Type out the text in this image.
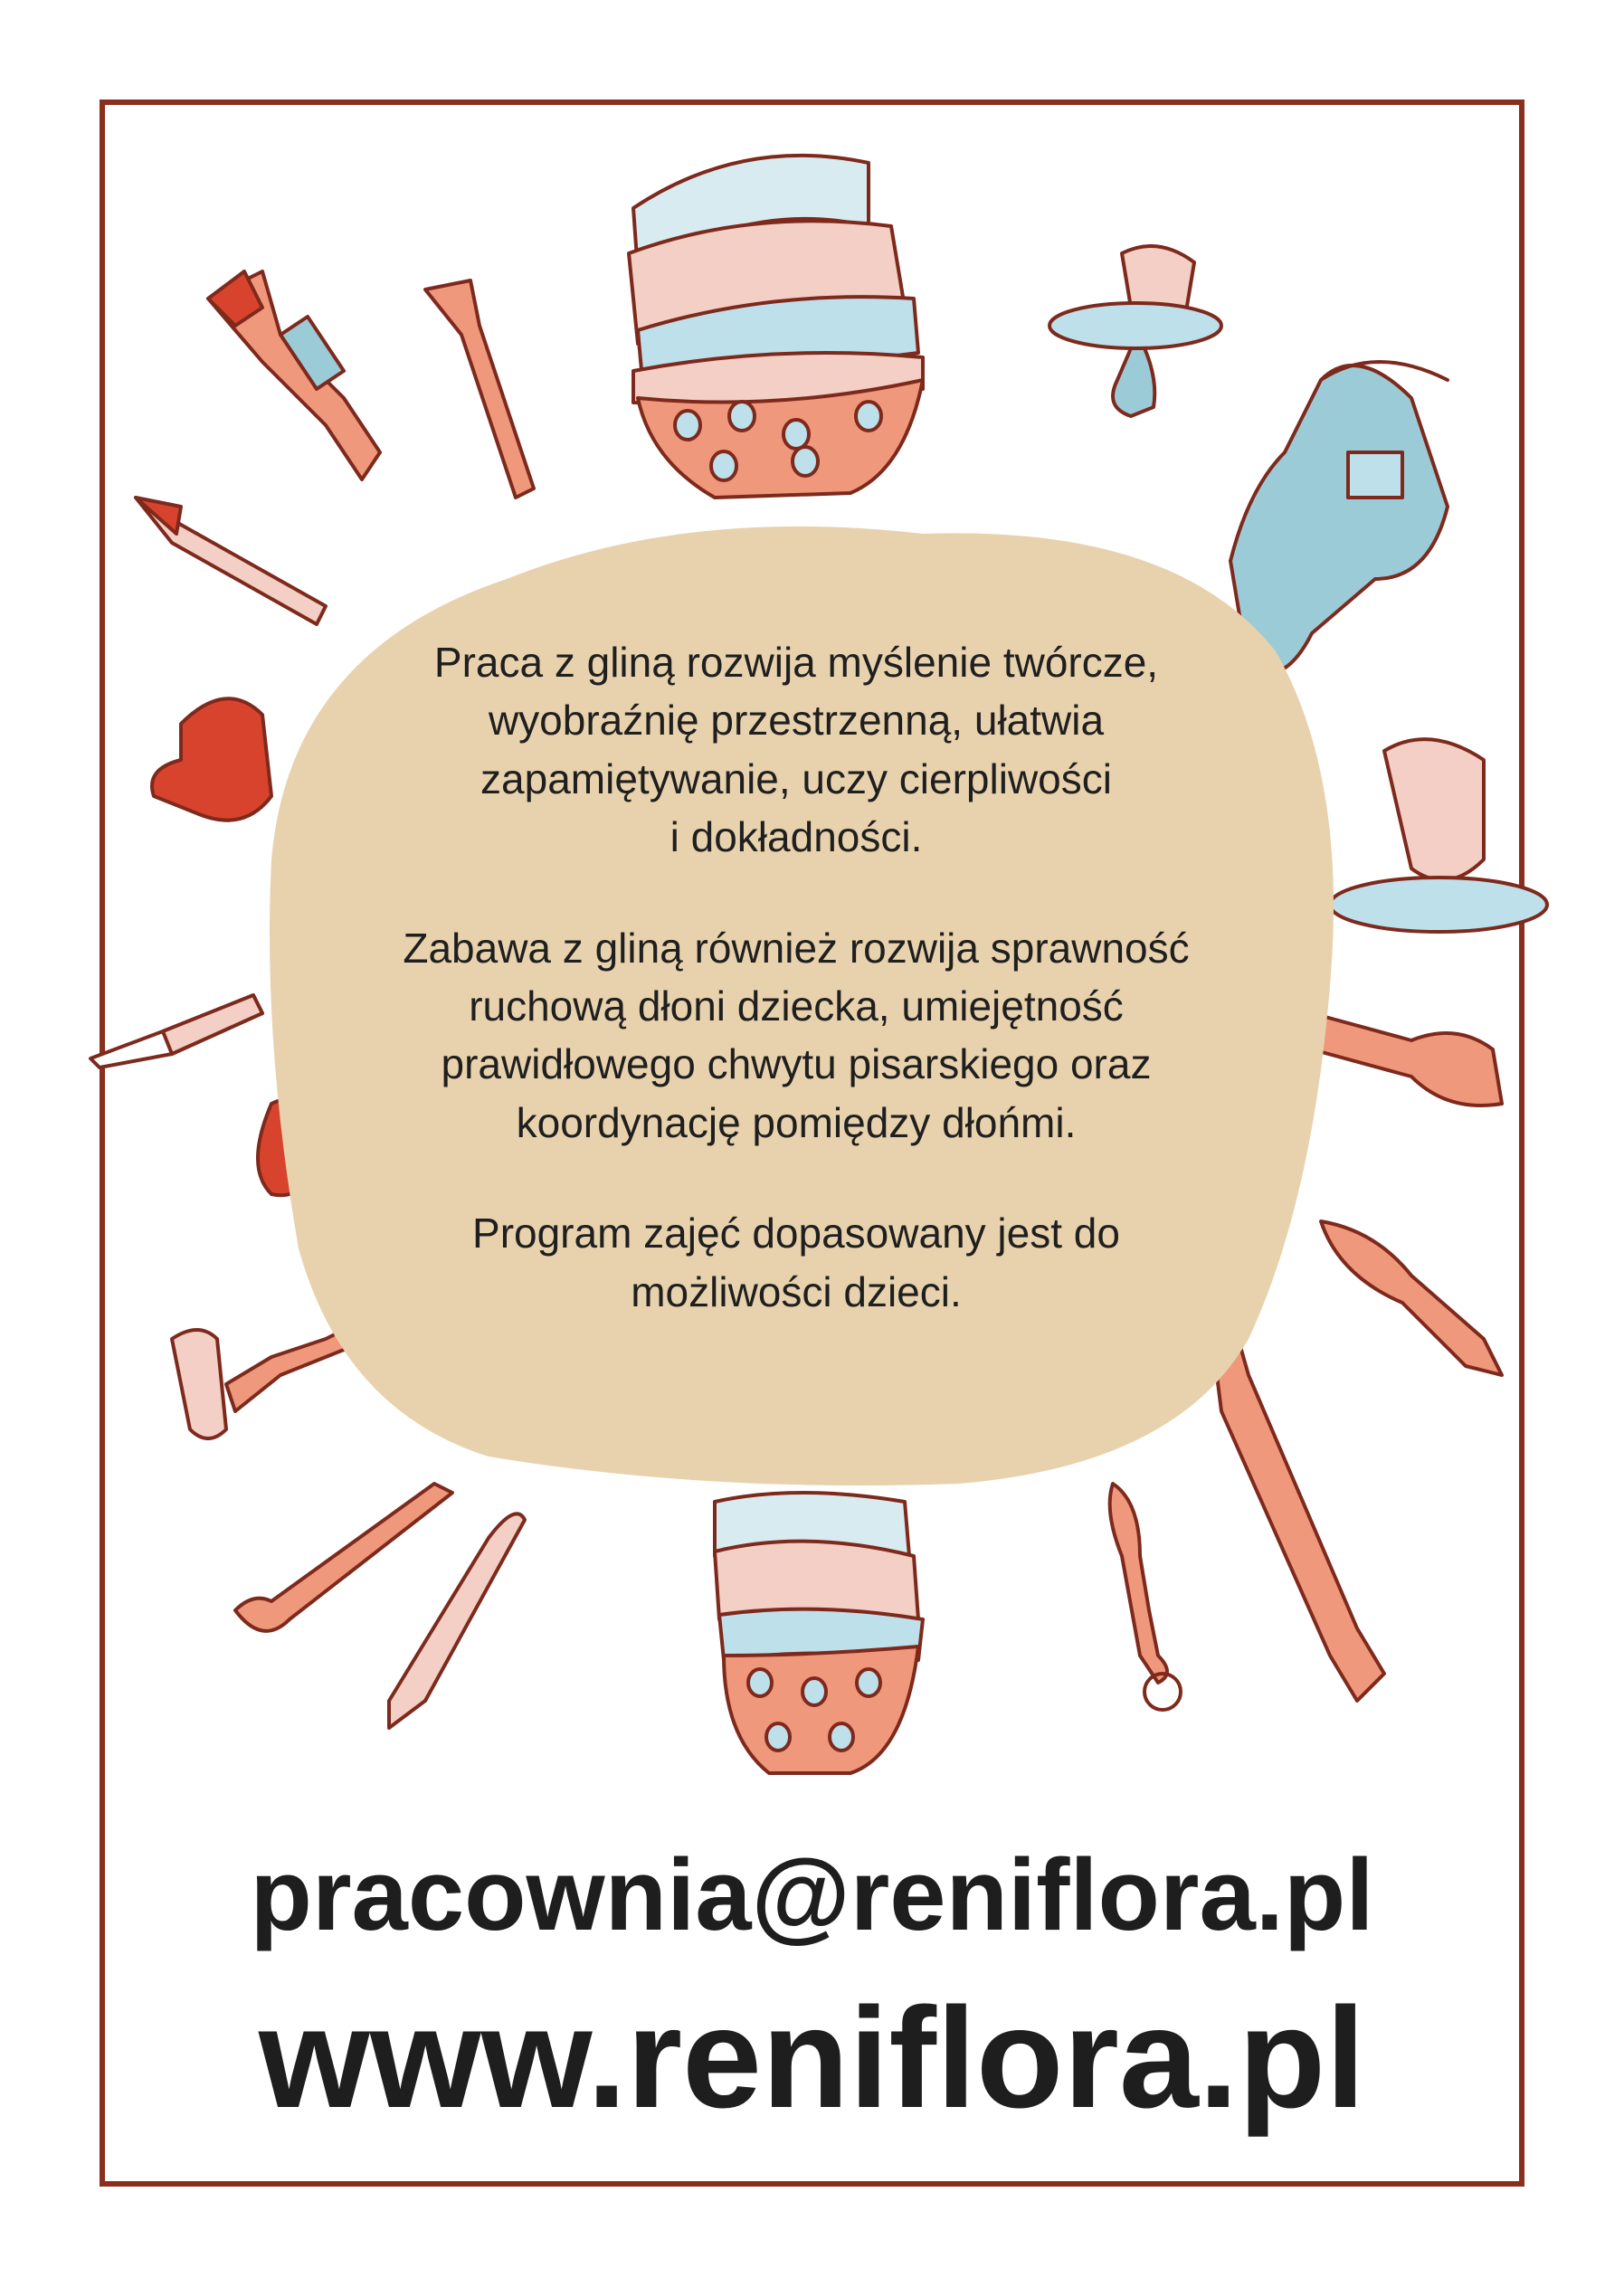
Praca z gliną rozwija myślenie twórcze,
wyobraźnię przestrzenną, ułatwia
zapamiętywanie, uczy cierpliwości
i dokładności.

Zabawa z gliną również rozwija sprawność
ruchową dłoni dziecka, umiejętność
prawidłowego chwytu pisarskiego oraz
koordynację pomiędzy dłońmi.

Program zajęć dopasowany jest do
możliwości dzieci.

pracownia@reniflora.pl
www.reniflora.pl
